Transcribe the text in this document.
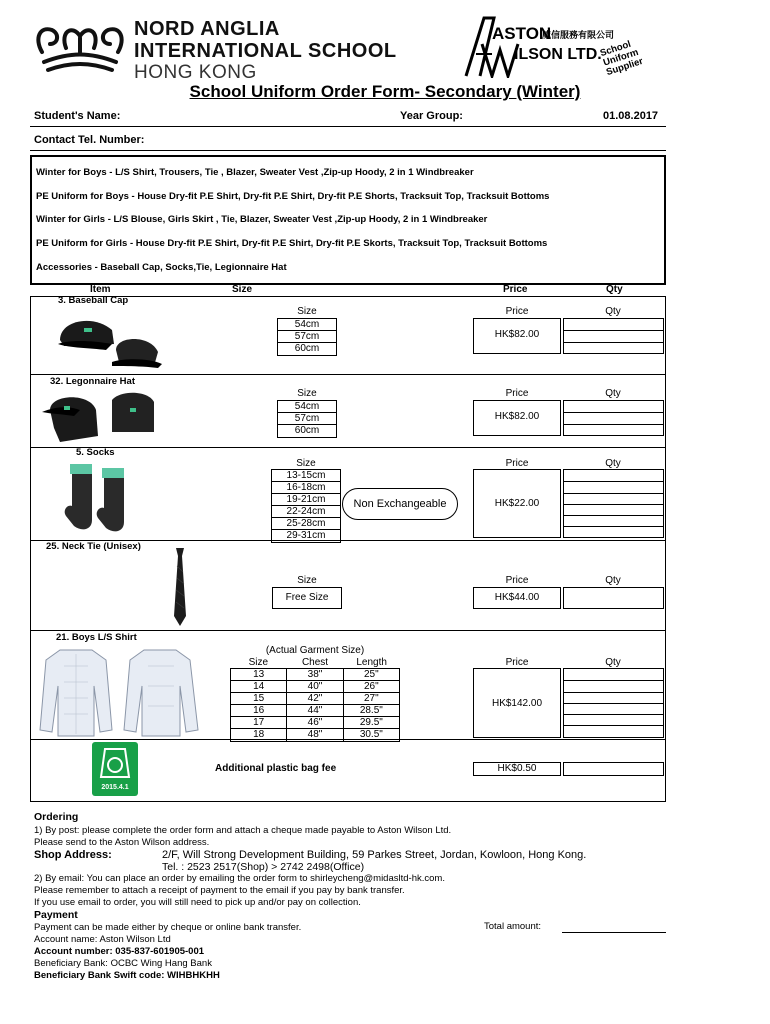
NORD ANGLIA
INTERNATIONAL SCHOOL
HONG KONG
ASTON
威信服務有限公司
ILSON LTD.
School Uniform Supplier
School Uniform Order Form- Secondary (Winter)
Student's Name:	Year Group:	01.08.2017
Contact Tel. Number:
Winter for Boys - L/S Shirt, Trousers, Tie , Blazer, Sweater Vest ,Zip-up Hoody, 2 in 1 Windbreaker
PE Uniform for Boys - House Dry-fit P.E Shirt, Dry-fit P.E Shirt, Dry-fit P.E Shorts, Tracksuit Top, Tracksuit Bottoms
Winter for Girls - L/S Blouse, Girls Skirt , Tie, Blazer, Sweater Vest ,Zip-up Hoody, 2 in 1 Windbreaker
PE Uniform for Girls - House Dry-fit P.E Shirt, Dry-fit P.E Shirt, Dry-fit P.E Skorts, Tracksuit Top, Tracksuit Bottoms
Accessories - Baseball Cap, Socks,Tie, Legionnaire Hat
Item	Size	Price	Qty
3. Baseball Cap
Size
54cm
57cm
60cm
Price
HK$82.00
Qty
32. Legonnaire Hat
Size
54cm
57cm
60cm
Price
HK$82.00
Qty
5. Socks
Size
13-15cm
16-18cm
19-21cm
22-24cm
25-28cm
29-31cm
Non Exchangeable
Price
HK$22.00
Qty
25. Neck Tie (Unisex)
Size
Free Size
Price
HK$44.00
Qty
21. Boys L/S Shirt
(Actual Garment Size)
Size	Chest	Length
13	38"	25"
14	40"	26"
15	42"	27"
16	44"	28.5"
17	46"	29.5"
18	48"	30.5"
Price
HK$142.00
Qty
2015.4.1
Additional plastic bag fee	HK$0.50
Ordering
1) By post: please complete the order form and attach a cheque made payable to Aston Wilson Ltd.
Please send to the Aston Wilson address.
Shop Address:	2/F, Will Strong Development Building, 59 Parkes Street, Jordan, Kowloon, Hong Kong.
Tel. : 2523 2517(Shop) > 2742 2498(Office)
2) By email: You can place an order by emailing the order form to shirleycheng@midasltd-hk.com.
Please remember to attach a receipt of payment to the email if you pay by bank transfer.
If you use email to order, you will still need to pick up and/or pay on collection.
Payment
Payment can be made either by cheque or online bank transfer.
Account name: Aston Wilson Ltd
Account number: 035-837-601905-001
Beneficiary Bank: OCBC Wing Hang Bank
Beneficiary Bank Swift code: WIHBHKHH
Total amount:
